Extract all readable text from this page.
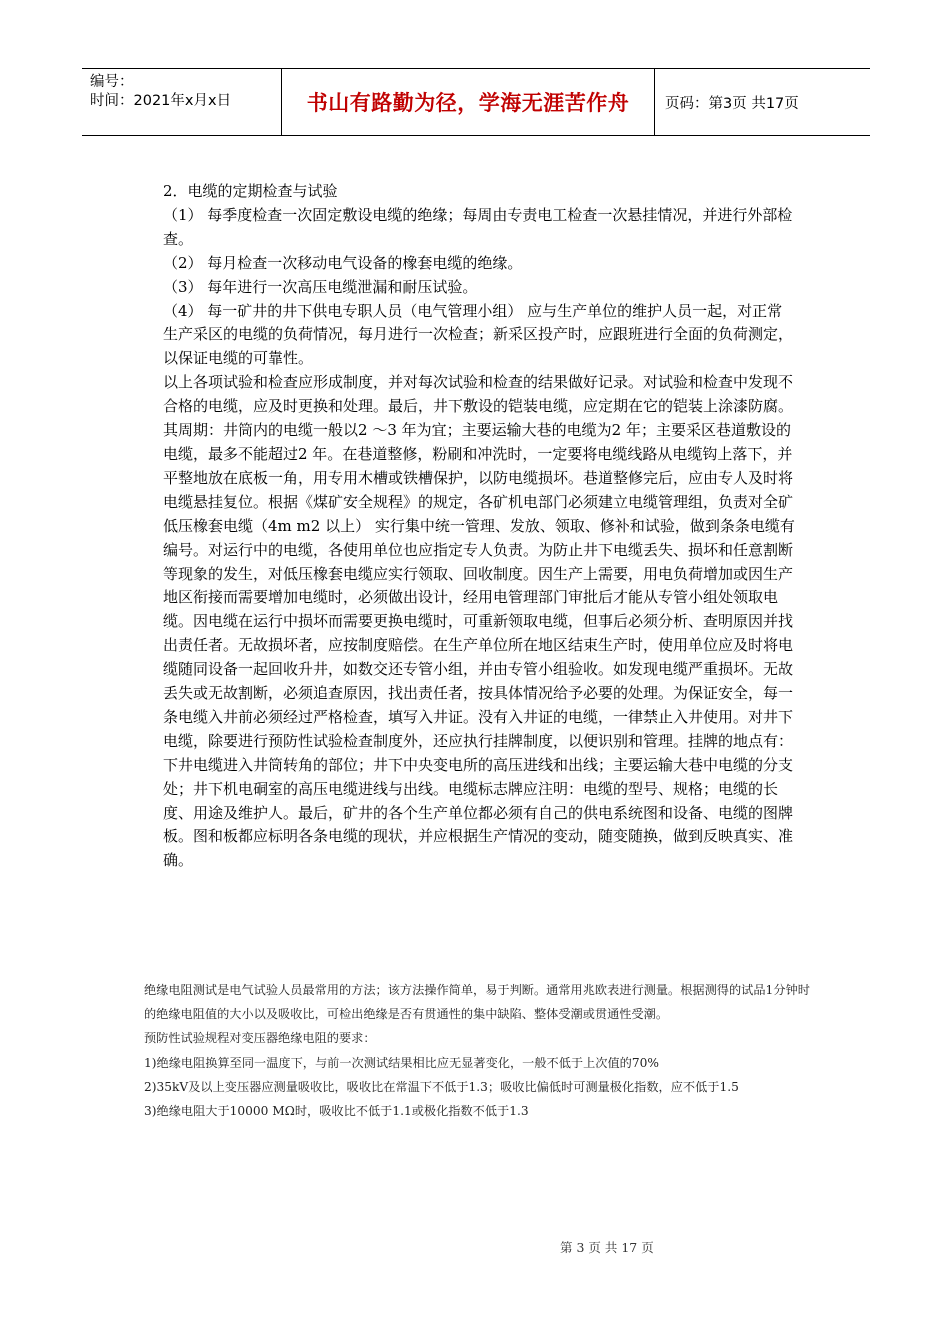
编号：
时间：2021年x月x日	书山有路勤为径，学海无涯苦作舟	页码：第3页 共17页

2．电缆的定期检查与试验

（1） 每季度检查一次固定敷设电缆的绝缘；每周由专责电工检查一次悬挂情况，并进行外部检查。

（2） 每月检查一次移动电气设备的橡套电缆的绝缘。

（3） 每年进行一次高压电缆泄漏和耐压试验。

（4） 每一矿井的井下供电专职人员（电气管理小组） 应与生产单位的维护人员一起，对正常生产采区的电缆的负荷情况，每月进行一次检查；新采区投产时，应跟班进行全面的负荷测定，以保证电缆的可靠性。

以上各项试验和检查应形成制度，并对每次试验和检查的结果做好记录。对试验和检查中发现不合格的电缆，应及时更换和处理。最后，井下敷设的铠装电缆，应定期在它的铠装上涂漆防腐。其周期：井筒内的电缆一般以2 ～3 年为宜；主要运输大巷的电缆为2 年；主要采区巷道敷设的电缆，最多不能超过2 年。在巷道整修，粉刷和冲洗时，一定要将电缆线路从电缆钩上落下，并平整地放在底板一角，用专用木槽或铁槽保护，以防电缆损坏。巷道整修完后，应由专人及时将电缆悬挂复位。根据《煤矿安全规程》的规定，各矿机电部门必须建立电缆管理组，负责对全矿低压橡套电缆（4m m2 以上） 实行集中统一管理、发放、领取、修补和试验，做到条条电缆有编号。对运行中的电缆，各使用单位也应指定专人负责。为防止井下电缆丢失、损坏和任意割断等现象的发生，对低压橡套电缆应实行领取、回收制度。因生产上需要，用电负荷增加或因生产地区衔接而需要增加电缆时，必须做出设计，经用电管理部门审批后才能从专管小组处领取电缆。因电缆在运行中损坏而需要更换电缆时，可重新领取电缆，但事后必须分析、查明原因并找出责任者。无故损坏者，应按制度赔偿。在生产单位所在地区结束生产时，使用单位应及时将电缆随同设备一起回收升井，如数交还专管小组，并由专管小组验收。如发现电缆严重损坏。无故丢失或无故割断，必须追查原因，找出责任者，按具体情况给予必要的处理。为保证安全，每一条电缆入井前必须经过严格检查，填写入井证。没有入井证的电缆，一律禁止入井使用。对井下电缆，除要进行预防性试验检查制度外，还应执行挂牌制度，以便识别和管理。挂牌的地点有：下井电缆进入井筒转角的部位；井下中央变电所的高压进线和出线；主要运输大巷中电缆的分支处；井下机电硐室的高压电缆进线与出线。电缆标志牌应注明：电缆的型号、规格；电缆的长度、用途及维护人。最后，矿井的各个生产单位都必须有自己的供电系统图和设备、电缆的图牌板。图和板都应标明各条电缆的现状，并应根据生产情况的变动，随变随换，做到反映真实、准确。

绝缘电阻测试是电气试验人员最常用的方法；该方法操作简单，易于判断。通常用兆欧表进行测量。根据测得的试品1分钟时的绝缘电阻值的大小以及吸收比，可检出绝缘是否有贯通性的集中缺陷、整体受潮或贯通性受潮。

预防性试验规程对变压器绝缘电阻的要求：

1)绝缘电阻换算至同一温度下，与前一次测试结果相比应无显著变化，一般不低于上次值的70%

2)35kV及以上变压器应测量吸收比，吸收比在常温下不低于1.3；吸收比偏低时可测量极化指数，应不低于1.5

3)绝缘电阻大于10000 MΩ时，吸收比不低于1.1或极化指数不低于1.3

第 3 页 共 17 页
